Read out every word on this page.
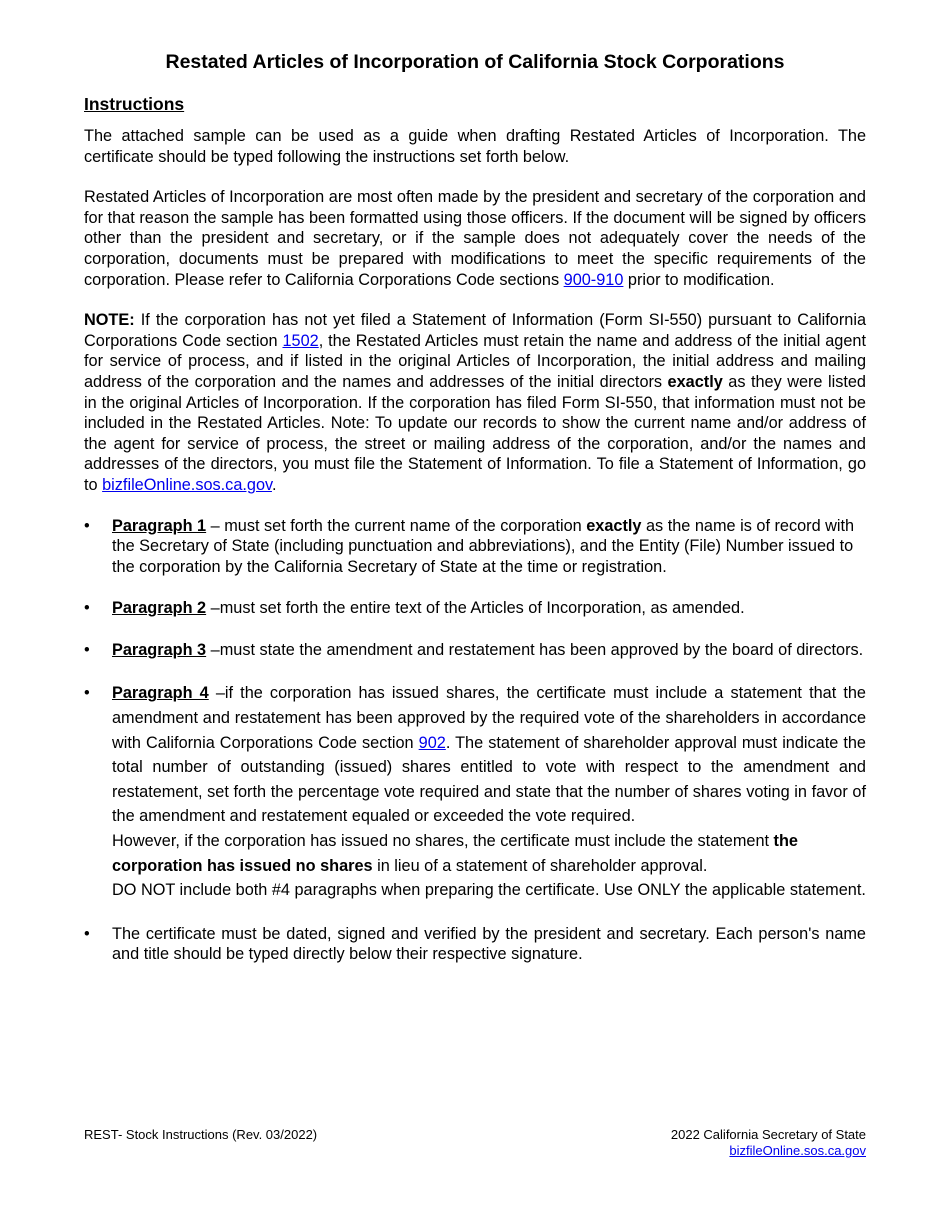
Restated Articles of Incorporation of California Stock Corporations
Instructions

The attached sample can be used as a guide when drafting Restated Articles of Incorporation. The certificate should be typed following the instructions set forth below.

Restated Articles of Incorporation are most often made by the president and secretary of the corporation and for that reason the sample has been formatted using those officers. If the document will be signed by officers other than the president and secretary, or if the sample does not adequately cover the needs of the corporation, documents must be prepared with modifications to meet the specific requirements of the corporation. Please refer to California Corporations Code sections 900-910 prior to modification.

NOTE: If the corporation has not yet filed a Statement of Information (Form SI-550) pursuant to California Corporations Code section 1502, the Restated Articles must retain the name and address of the initial agent for service of process, and if listed in the original Articles of Incorporation, the initial address and mailing address of the corporation and the names and addresses of the initial directors exactly as they were listed in the original Articles of Incorporation. If the corporation has filed Form SI-550, that information must not be included in the Restated Articles. Note: To update our records to show the current name and/or address of the agent for service of process, the street or mailing address of the corporation, and/or the names and addresses of the directors, you must file the Statement of Information. To file a Statement of Information, go to bizfileOnline.sos.ca.gov.

•	Paragraph 1 – must set forth the current name of the corporation exactly as the name is of record with the Secretary of State (including punctuation and abbreviations), and the Entity (File) Number issued to the corporation by the California Secretary of State at the time or registration.
•	Paragraph 2 –must set forth the entire text of the Articles of Incorporation, as amended.
•	Paragraph 3 –must state the amendment and restatement has been approved by the board of directors.
•	Paragraph 4 –if the corporation has issued shares, the certificate must include a statement that the amendment and restatement has been approved by the required vote of the shareholders in accordance with California Corporations Code section 902. The statement of shareholder approval must indicate the total number of outstanding (issued) shares entitled to vote with respect to the amendment and restatement, set forth the percentage vote required and state that the number of shares voting in favor of the amendment and restatement equaled or exceeded the vote required.
However, if the corporation has issued no shares, the certificate must include the statement the corporation has issued no shares in lieu of a statement of shareholder approval.
DO NOT include both #4 paragraphs when preparing the certificate. Use ONLY the applicable statement.
•	The certificate must be dated, signed and verified by the president and secretary. Each person's name and title should be typed directly below their respective signature.
REST- Stock Instructions (Rev. 03/2022)	2022 California Secretary of State
bizfileOnline.sos.ca.gov
